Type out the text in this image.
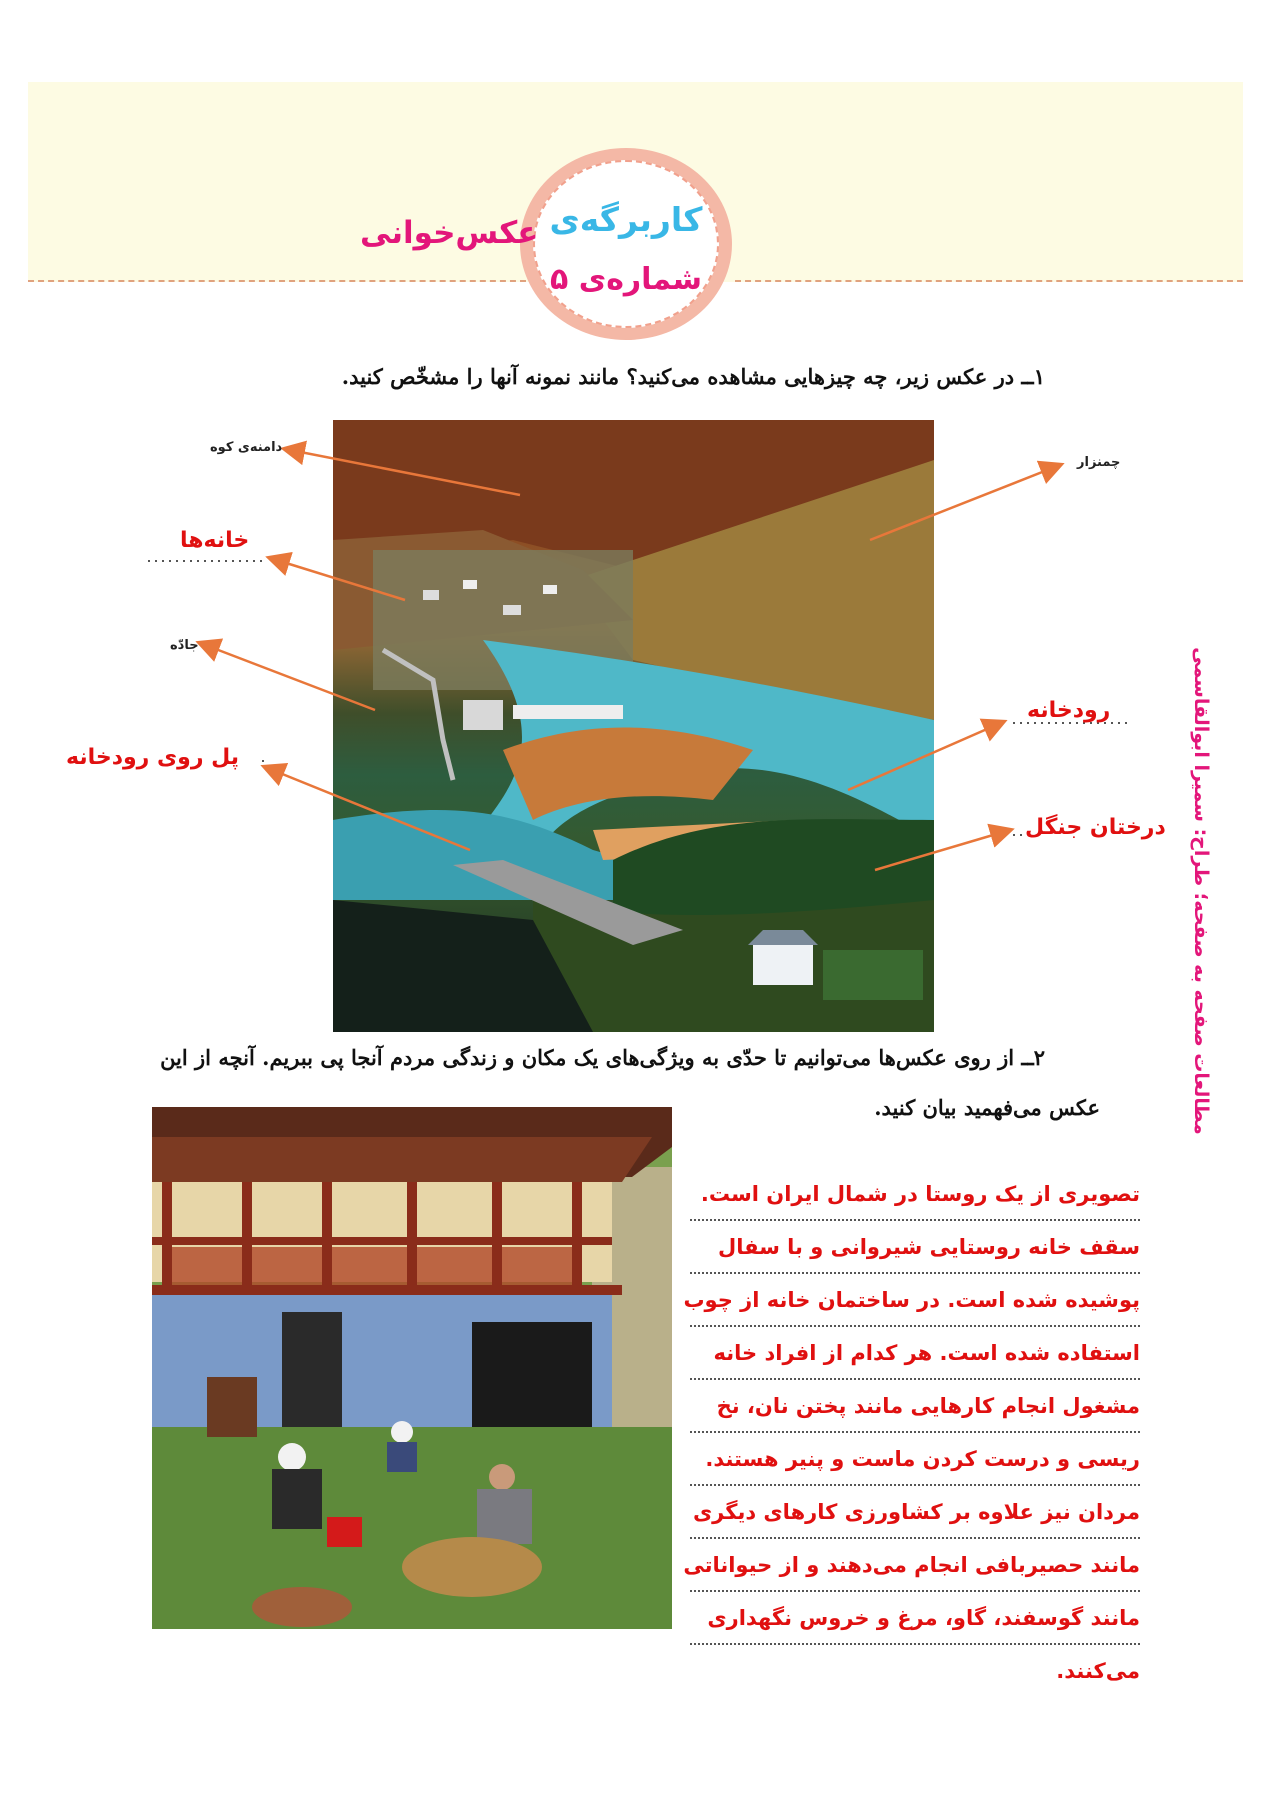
کاربرگه‌ی
شماره‌ی ۵
عکس‌خوانی
۱ــ در عکس زیر، چه چیزهایی مشاهده می‌کنید؟ مانند نمونه آنها را مشخّص کنید.
دامنه‌ی کوه
چمنزار
خانه‌ها
جادّه
رودخانه
پل روی رودخانه
درختان جنگل
۲ــ از روی عکس‌ها می‌توانیم تا حدّی به ویژگی‌های یک مکان و زندگی مردم آنجا پی ببریم. آنچه از این
عکس می‌فهمید بیان کنید.
تصویری از یک روستا در شمال ایران است.
سقف خانه روستایی شیروانی و با سفال
پوشیده شده است. در ساختمان خانه از چوب
استفاده شده است. هر کدام از افراد خانه
مشغول انجام کارهایی مانند پختن نان، نخ
ریسی و درست کردن ماست و پنیر هستند.
مردان نیز علاوه بر کشاورزی کارهای دیگری
مانند حصیربافی انجام می‌دهند و از حیواناتی
مانند گوسفند، گاو، مرغ و خروس نگهداری
می‌کنند.
مطالعات صفحه به صفحه؛ طراح: سمیرا ابوالقاسمی
